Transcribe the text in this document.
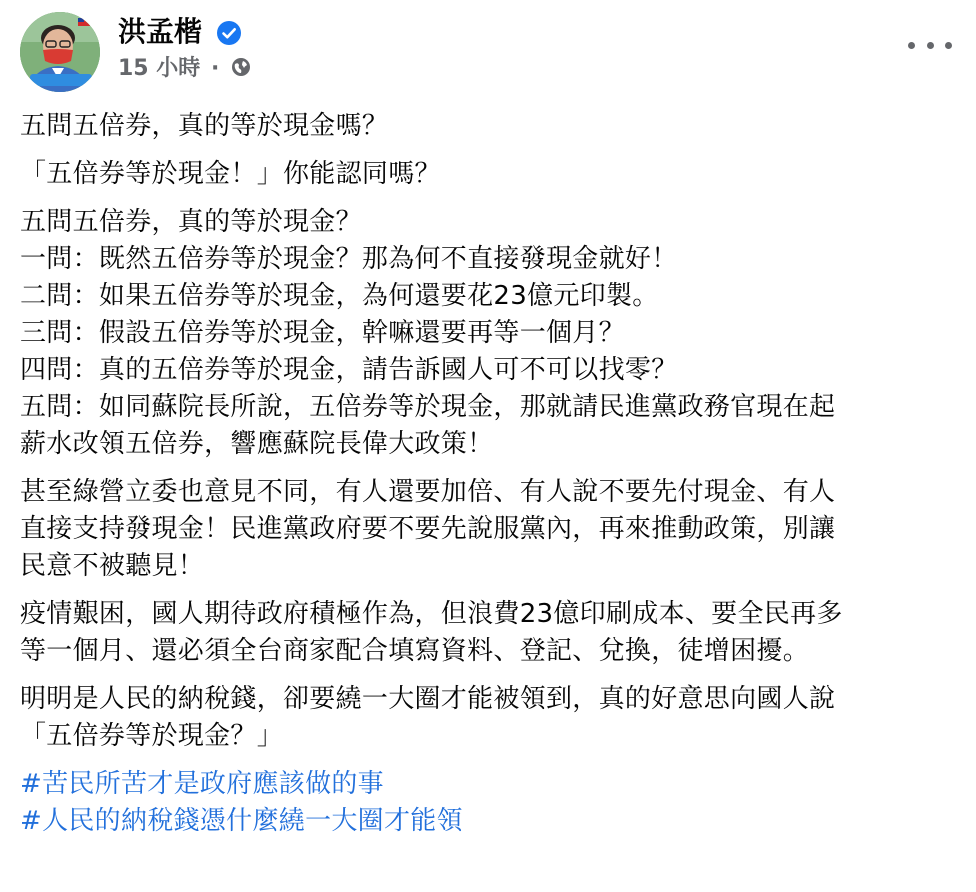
洪孟楷
15 小時 ·

五問五倍券，真的等於現金嗎？

「五倍券等於現金！」你能認同嗎？

五問五倍券，真的等於現金？
一問：既然五倍券等於現金？那為何不直接發現金就好！
二問：如果五倍券等於現金，為何還要花23億元印製。
三問：假設五倍券等於現金，幹嘛還要再等一個月？
四問：真的五倍券等於現金，請告訴國人可不可以找零？
五問：如同蘇院長所說，五倍券等於現金，那就請民進黨政務官現在起
薪水改領五倍券，響應蘇院長偉大政策！

甚至綠營立委也意見不同，有人還要加倍、有人說不要先付現金、有人
直接支持發現金！民進黨政府要不要先說服黨內，再來推動政策，別讓
民意不被聽見！

疫情艱困，國人期待政府積極作為，但浪費23億印刷成本、要全民再多
等一個月、還必須全台商家配合填寫資料、登記、兌換，徒增困擾。

明明是人民的納稅錢，卻要繞一大圈才能被領到，真的好意思向國人說
「五倍券等於現金？」

#苦民所苦才是政府應該做的事
#人民的納稅錢憑什麼繞一大圈才能領
